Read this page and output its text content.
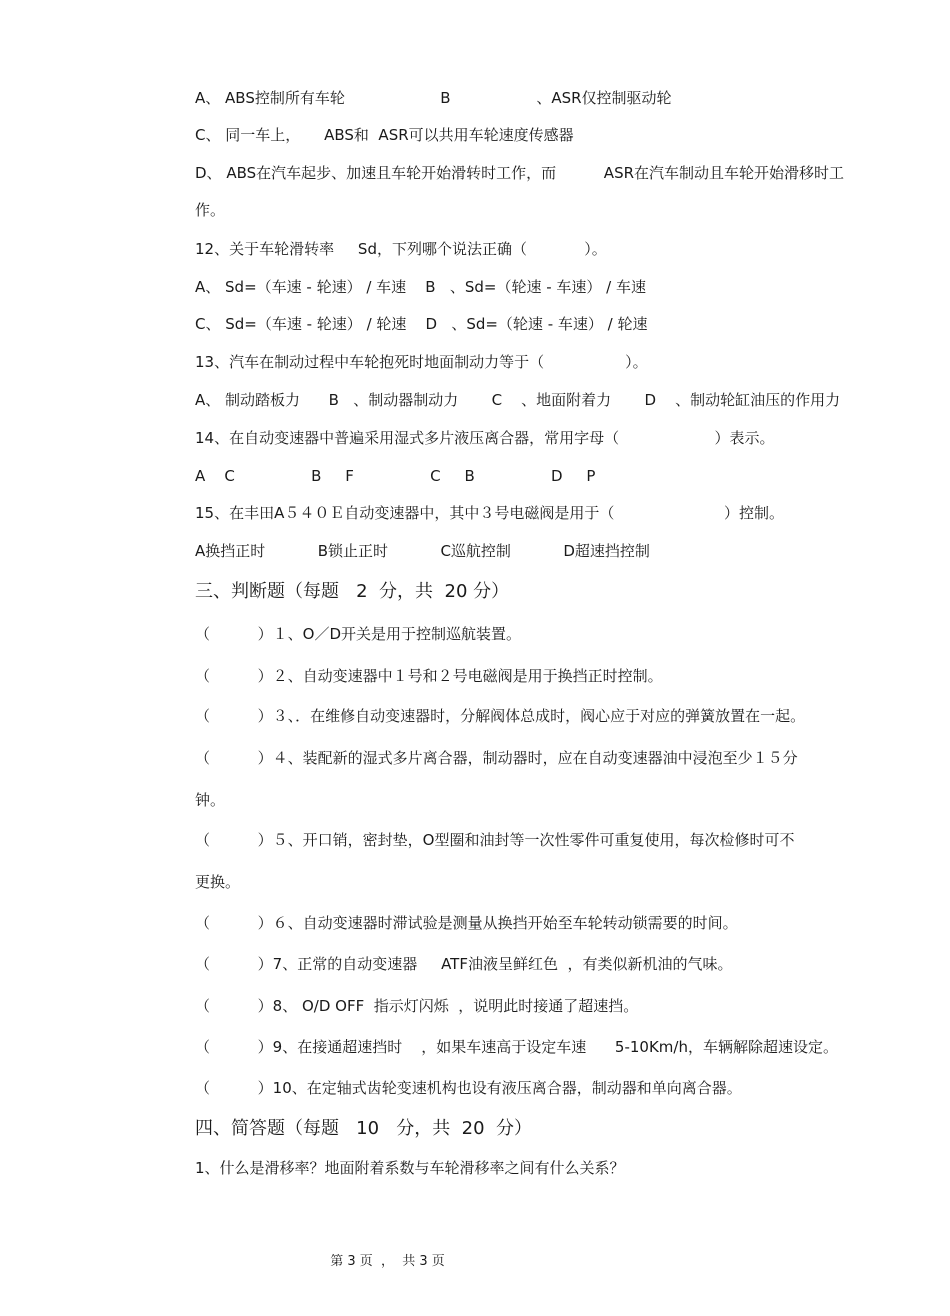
A、 ABS控制所有车轮                    B                  、ASR仅控制驱动轮
C、 同一车上，     ABS和  ASR可以共用车轮速度传感器
D、 ABS在汽车起步、加速且车轮开始滑转时工作，而          ASR在汽车制动且车轮开始滑移时工
作。
12、关于车轮滑转率     Sd，下列哪个说法正确（            ）。
A、 Sd=（车速 - 轮速） / 车速    B   、Sd=（轮速 - 车速） / 车速
C、 Sd=（车速 - 轮速） / 轮速    D   、Sd=（轮速 - 车速） / 轮速
13、汽车在制动过程中车轮抱死时地面制动力等于（                 ）。
A、 制动踏板力      B   、制动器制动力       C    、地面附着力       D    、制动轮缸油压的作用力
14、在自动变速器中普遍采用湿式多片液压离合器，常用字母（                    ）表示。
A    C                B     F                C     B                D     P
15、在丰田A５４０Ｅ自动变速器中，其中３号电磁阀是用于（                       ）控制。
A换挡正时           B锁止正时           C巡航控制           D超速挡控制
三、判断题（每题   2  分，共  20 分）
（          ）１、O／D开关是用于控制巡航装置。
（          ）２、自动变速器中１号和２号电磁阀是用于换挡正时控制。
（          ）３、．在维修自动变速器时，分解阀体总成时，阀心应于对应的弹簧放置在一起。
（          ）４、装配新的湿式多片离合器，制动器时，应在自动变速器油中浸泡至少１５分
钟。
（          ）５、开口销，密封垫，O型圈和油封等一次性零件可重复使用，每次检修时可不
更换。
（          ）６、自动变速器时滞试验是测量从换挡开始至车轮转动锁需要的时间。
（          ）7、正常的自动变速器     ATF油液呈鲜红色  ，有类似新机油的气味。
（          ）8、 O/D OFF  指示灯闪烁  ，说明此时接通了超速挡。
（          ）9、在接通超速挡时    ，如果车速高于设定车速      5-10Km/h，车辆解除超速设定。
（          ）10、在定轴式齿轮变速机构也设有液压离合器，制动器和单向离合器。
四、简答题（每题   10   分，共  20  分）
1、什么是滑移率？地面附着系数与车轮滑移率之间有什么关系？
第 3 页  ，  共 3 页
